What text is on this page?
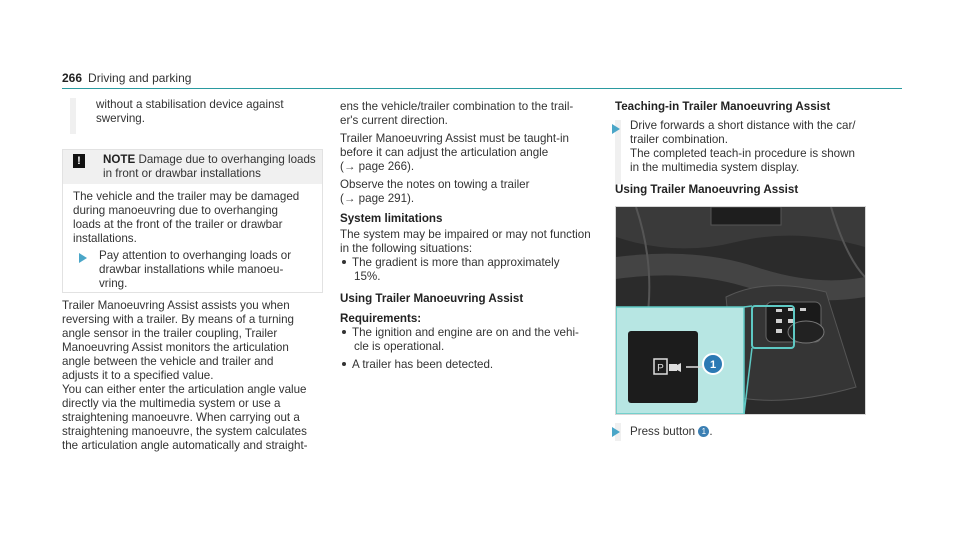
266 Driving and parking

without a stabilisation device against

swerving.

!	NOTE Damage due to overhanging loads

in front or drawbar installations

The vehicle and the trailer may be damaged

during manoeuvring due to overhanging

loads at the front of the trailer or drawbar

installations.

Pay attention to overhanging loads or

drawbar installations while manoeu-

vring.

Trailer Manoeuvring Assist assists you when

reversing with a trailer. By means of a turning

angle sensor in the trailer coupling, Trailer

Manoeuvring Assist monitors the articulation

angle between the vehicle and trailer and

adjusts it to a specified value.

You can either enter the articulation angle value

directly via the multimedia system or use a

straightening manoeuvre. When carrying out a

straightening manoeuvre, the system calculates

the articulation angle automatically and straight-

ens the vehicle/trailer combination to the trail-

er's current direction.

Trailer Manoeuvring Assist must be taught-in

before it can adjust the articulation angle

(→ page 266).

Observe the notes on towing a trailer

(→ page 291).

System limitations

The system may be impaired or may not function

in the following situations:

The gradient is more than approximately

15%.

Using Trailer Manoeuvring Assist

Requirements:

The ignition and engine are on and the vehi-

cle is operational.

A trailer has been detected.

Teaching-in Trailer Manoeuvring Assist

Drive forwards a short distance with the car/

trailer combination.

The completed teach-in procedure is shown

in the multimedia system display.

Using Trailer Manoeuvring Assist

P	1

Press button 1 .
